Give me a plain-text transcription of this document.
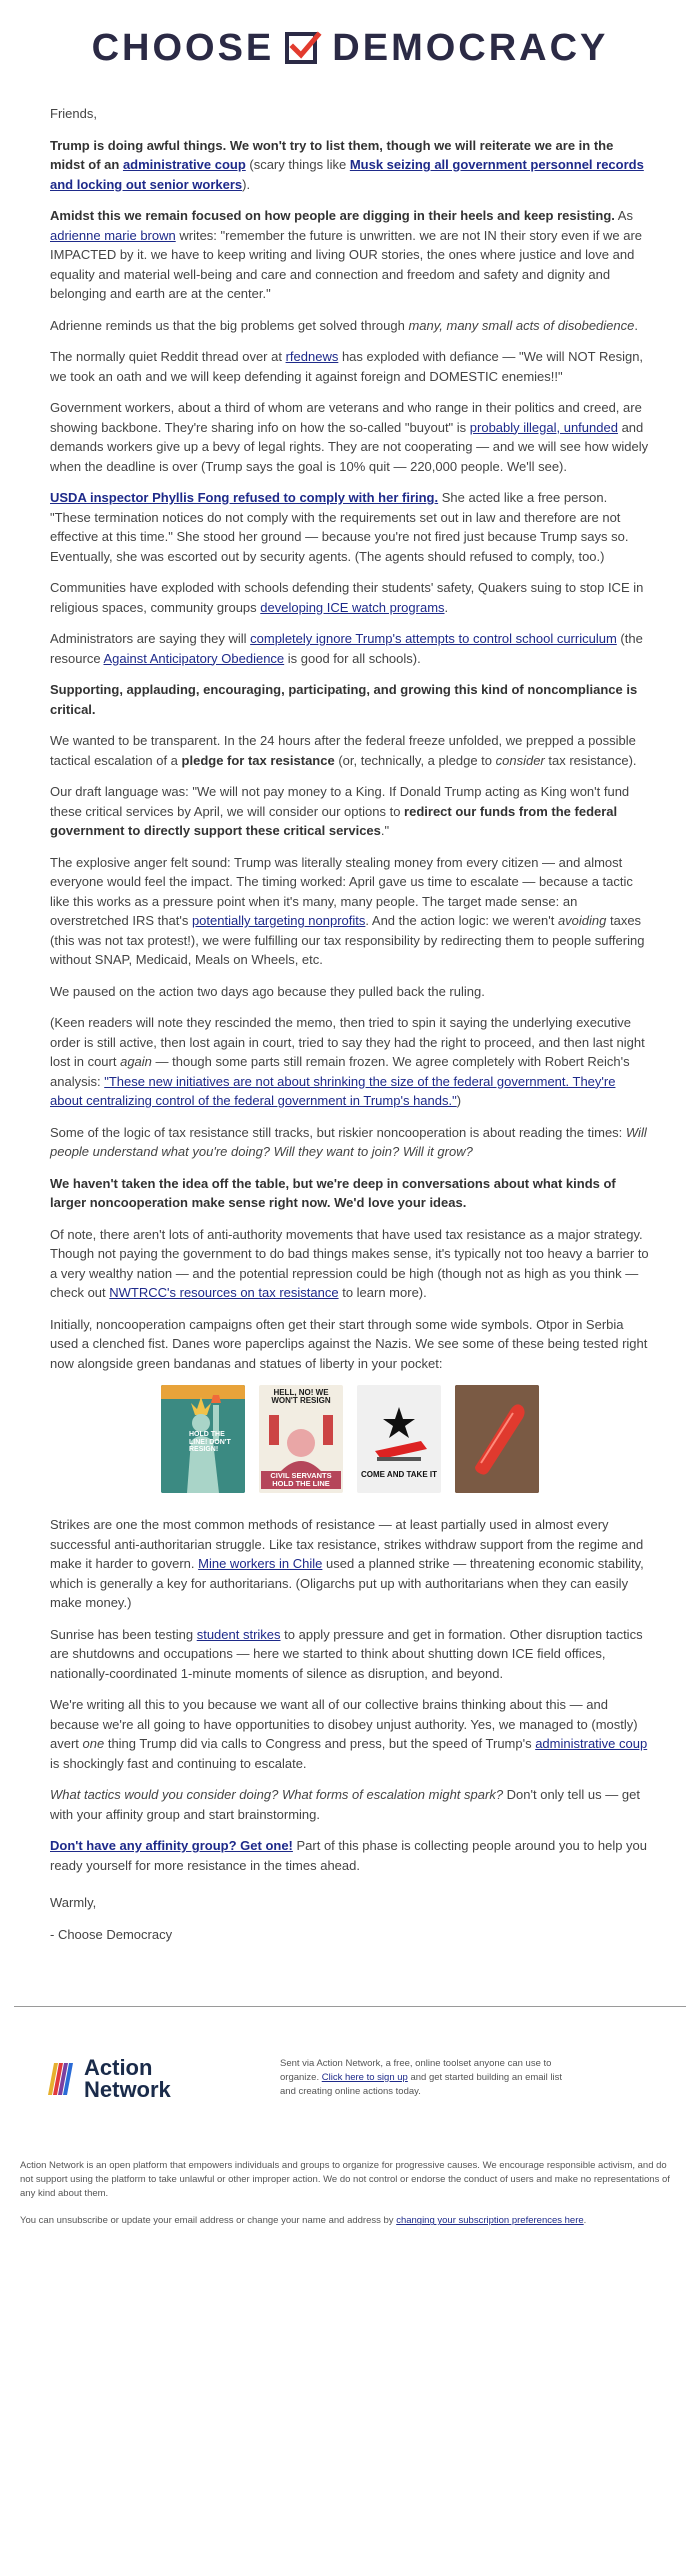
CHOOSE DEMOCRACY

Friends,

Trump is doing awful things. We won't try to list them, though we will reiterate we are in the midst of an administrative coup (scary things like Musk seizing all government personnel records and locking out senior workers).

Amidst this we remain focused on how people are digging in their heels and keep resisting. As adrienne marie brown writes: "remember the future is unwritten. we are not IN their story even if we are IMPACTED by it. we have to keep writing and living OUR stories, the ones where justice and love and equality and material well-being and care and connection and freedom and safety and dignity and belonging and earth are at the center."

Adrienne reminds us that the big problems get solved through many, many small acts of disobedience.

The normally quiet Reddit thread over at rfednews has exploded with defiance — "We will NOT Resign, we took an oath and we will keep defending it against foreign and DOMESTIC enemies!!"

Government workers, about a third of whom are veterans and who range in their politics and creed, are showing backbone. They're sharing info on how the so-called "buyout" is probably illegal, unfunded and demands workers give up a bevy of legal rights. They are not cooperating — and we will see how widely when the deadline is over (Trump says the goal is 10% quit — 220,000 people. We'll see).

USDA inspector Phyllis Fong refused to comply with her firing. She acted like a free person. "These termination notices do not comply with the requirements set out in law and therefore are not effective at this time." She stood her ground — because you're not fired just because Trump says so. Eventually, she was escorted out by security agents. (The agents should refused to comply, too.)

Communities have exploded with schools defending their students' safety, Quakers suing to stop ICE in religious spaces, community groups developing ICE watch programs.

Administrators are saying they will completely ignore Trump's attempts to control school curriculum (the resource Against Anticipatory Obedience is good for all schools).

Supporting, applauding, encouraging, participating, and growing this kind of noncompliance is critical.

We wanted to be transparent. In the 24 hours after the federal freeze unfolded, we prepped a possible tactical escalation of a pledge for tax resistance (or, technically, a pledge to consider tax resistance).

Our draft language was: "We will not pay money to a King. If Donald Trump acting as King won't fund these critical services by April, we will consider our options to redirect our funds from the federal government to directly support these critical services."

The explosive anger felt sound: Trump was literally stealing money from every citizen — and almost everyone would feel the impact. The timing worked: April gave us time to escalate — because a tactic like this works as a pressure point when it's many, many people. The target made sense: an overstretched IRS that's potentially targeting nonprofits. And the action logic: we weren't avoiding taxes (this was not tax protest!), we were fulfilling our tax responsibility by redirecting them to people suffering without SNAP, Medicaid, Meals on Wheels, etc.

We paused on the action two days ago because they pulled back the ruling.

(Keen readers will note they rescinded the memo, then tried to spin it saying the underlying executive order is still active, then lost again in court, tried to say they had the right to proceed, and then last night lost in court again — though some parts still remain frozen. We agree completely with Robert Reich's analysis: "These new initiatives are not about shrinking the size of the federal government. They're about centralizing control of the federal government in Trump's hands.")

Some of the logic of tax resistance still tracks, but riskier noncooperation is about reading the times: Will people understand what you're doing? Will they want to join? Will it grow?

We haven't taken the idea off the table, but we're deep in conversations about what kinds of larger noncooperation make sense right now. We'd love your ideas.

Of note, there aren't lots of anti-authority movements that have used tax resistance as a major strategy. Though not paying the government to do bad things makes sense, it's typically not too heavy a barrier to a very wealthy nation — and the potential repression could be high (though not as high as you think — check out NWTRCC's resources on tax resistance to learn more).

Initially, noncooperation campaigns often get their start through some wide symbols. Otpor in Serbia used a clenched fist. Danes wore paperclips against the Nazis. We see some of these being tested right now alongside green bandanas and statues of liberty in your pocket:

HOLD THE LINE! DON'T RESIGN!
HELL, NO! WE WON'T RESIGN
CIVIL SERVANTS HOLD THE LINE
COME AND TAKE IT

Strikes are one the most common methods of resistance — at least partially used in almost every successful anti-authoritarian struggle. Like tax resistance, strikes withdraw support from the regime and make it harder to govern. Mine workers in Chile used a planned strike — threatening economic stability, which is generally a key for authoritarians. (Oligarchs put up with authoritarians when they can easily make money.)

Sunrise has been testing student strikes to apply pressure and get in formation. Other disruption tactics are shutdowns and occupations — here we started to think about shutting down ICE field offices, nationally-coordinated 1-minute moments of silence as disruption, and beyond.

We're writing all this to you because we want all of our collective brains thinking about this — and because we're all going to have opportunities to disobey unjust authority. Yes, we managed to (mostly) avert one thing Trump did via calls to Congress and press, but the speed of Trump's administrative coup is shockingly fast and continuing to escalate.

What tactics would you consider doing? What forms of escalation might spark? Don't only tell us — get with your affinity group and start brainstorming.

Don't have any affinity group? Get one! Part of this phase is collecting people around you to help you ready yourself for more resistance in the times ahead.

Warmly,

- Choose Democracy

Action
Network
Sent via Action Network, a free, online toolset anyone can use to organize. Click here to sign up and get started building an email list and creating online actions today.

Action Network is an open platform that empowers individuals and groups to organize for progressive causes. We encourage responsible activism, and do not support using the platform to take unlawful or other improper action. We do not control or endorse the conduct of users and make no representations of any kind about them.

You can unsubscribe or update your email address or change your name and address by changing your subscription preferences here.
